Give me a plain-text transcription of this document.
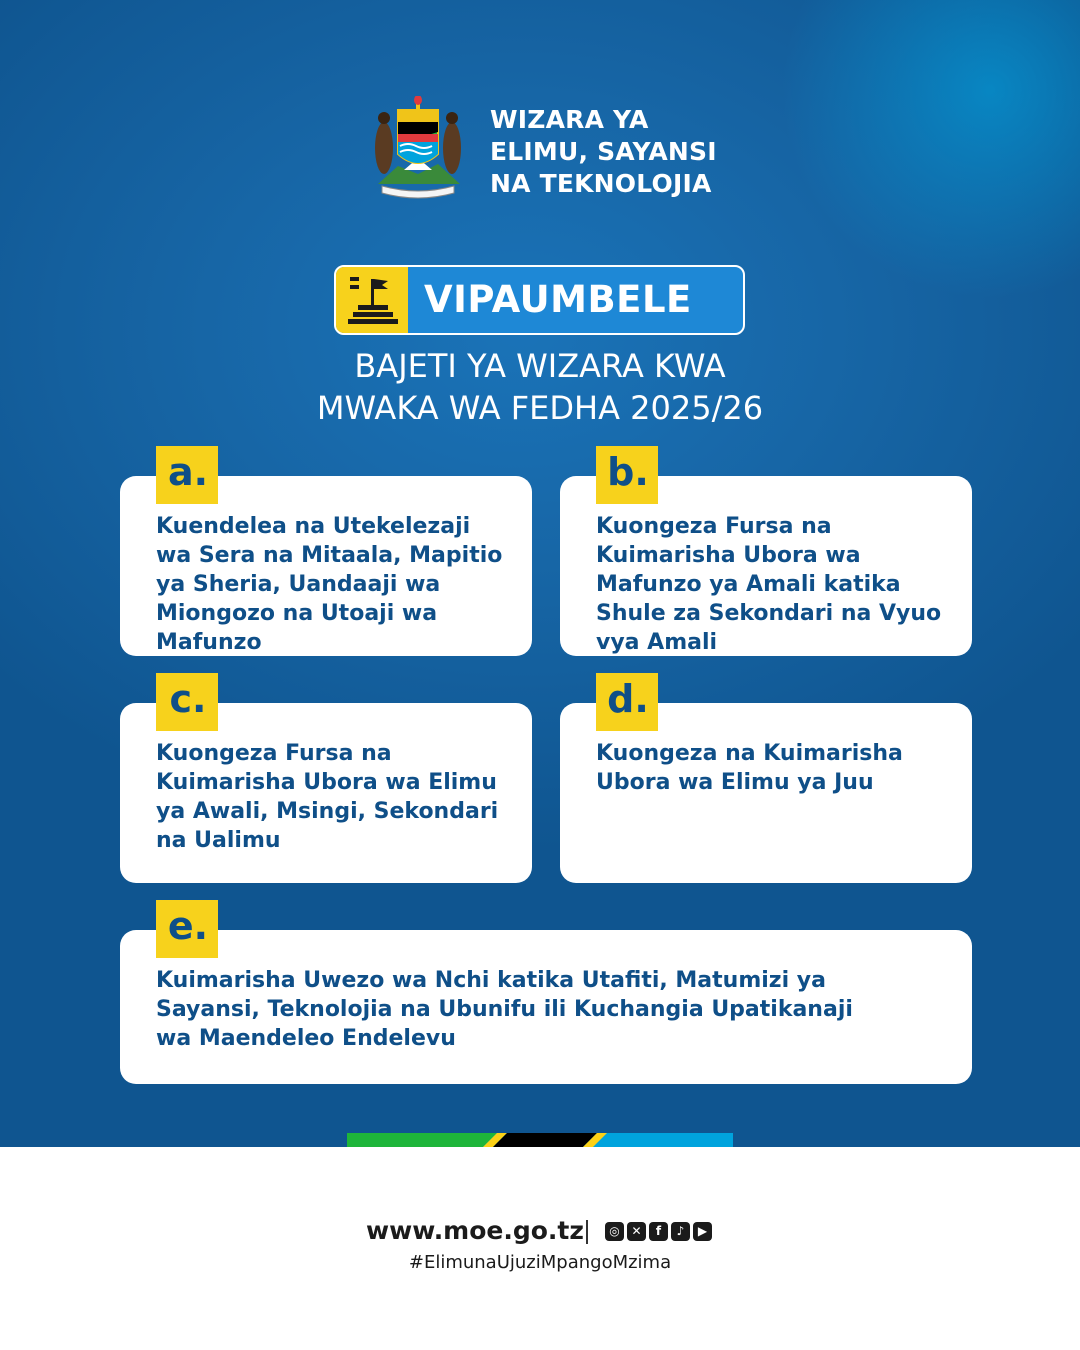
WIZARA YA
ELIMU, SAYANSI
NA TEKNOLOJIA
VIPAUMBELE
BAJETI YA WIZARA KWA
MWAKA WA FEDHA 2025/26
a.
Kuendelea na Utekelezaji wa Sera na Mitaala, Mapitio ya Sheria, Uandaaji wa Miongozo na Utoaji wa Mafunzo
b.
Kuongeza Fursa na Kuimarisha Ubora wa Mafunzo ya Amali katika Shule za Sekondari na Vyuo vya Amali
c.
Kuongeza Fursa na Kuimarisha Ubora wa Elimu ya Awali, Msingi, Sekondari na Ualimu
d.
Kuongeza na Kuimarisha Ubora wa Elimu ya Juu
e.
Kuimarisha Uwezo wa Nchi katika Utafiti, Matumizi ya Sayansi, Teknolojia na Ubunifu ili Kuchangia Upatikanaji wa Maendeleo Endelevu
www.moe.go.tz	◎ ✕	f	♪	▶
#ElimunaUjuziMpangoMzima
